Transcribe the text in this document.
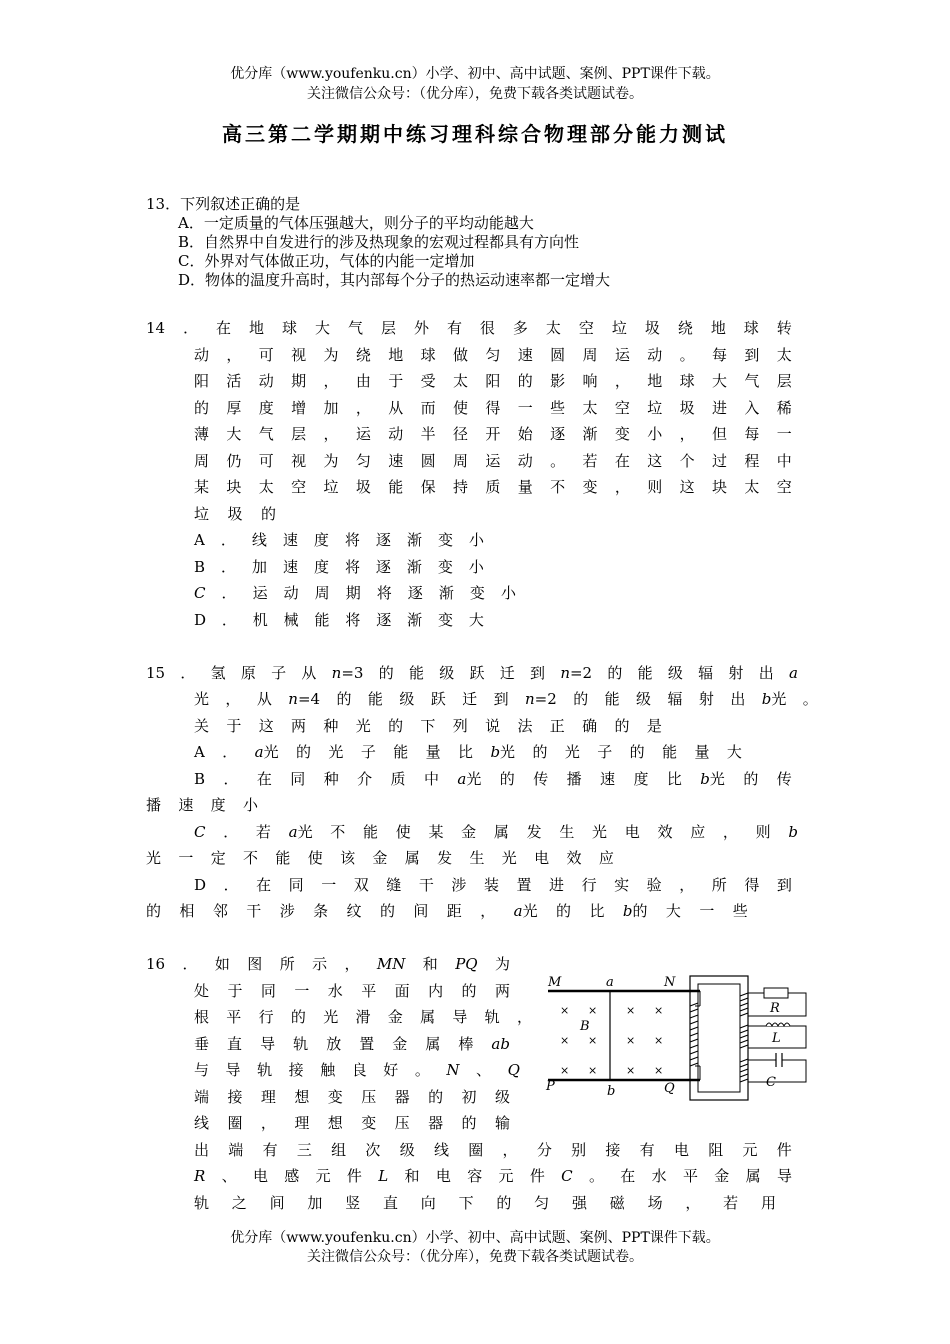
优分库（www.youfenku.cn）小学、初中、高中试题、案例、PPT课件下载。
关注微信公众号：（优分库），免费下载各类试题试卷。
高三第二学期期中练习理科综合物理部分能力测试
13．下列叙述正确的是
A．一定质量的气体压强越大，则分子的平均动能越大
B．自然界中自发进行的涉及热现象的宏观过程都具有方向性
C．外界对气体做正功，气体的内能一定增加
D．物体的温度升高时，其内部每个分子的热运动速率都一定增大
14 ． 在 地 球 大 气 层 外 有 很 多 太 空 垃 圾 绕 地 球 转
动 ， 可 视 为 绕 地 球 做 匀 速 圆 周 运 动 。 每 到 太
阳 活 动 期 ， 由 于 受 太 阳 的 影 响 ， 地 球 大 气 层
的 厚 度 增 加 ， 从 而 使 得 一 些 太 空 垃 圾 进 入 稀
薄 大 气 层 ， 运 动 半 径 开 始 逐 渐 变 小 ， 但 每 一
周 仍 可 视 为 匀 速 圆 周 运 动 。 若 在 这 个 过 程 中
某 块 太 空 垃 圾 能 保 持 质 量 不 变 ， 则 这 块 太 空
垃 圾 的
A ． 线 速 度 将 逐 渐 变 小
B ． 加 速 度 将 逐 渐 变 小
C ． 运 动 周 期 将 逐 渐 变 小
D ． 机 械 能 将 逐 渐 变 大
15 ． 氢 原 子 从 n=3 的 能 级 跃 迁 到 n=2 的 能 级 辐 射 出 a
光 ， 从 n=4 的 能 级 跃 迁 到 n=2 的 能 级 辐 射 出 b光 。
关 于 这 两 种 光 的 下 列 说 法 正 确 的 是
A ． a光 的 光 子 能 量 比 b光 的 光 子 的 能 量 大
B ． 在 同 种 介 质 中 a光 的 传 播 速 度 比 b光 的 传
播 速 度 小
C ． 若 a光 不 能 使 某 金 属 发 生 光 电 效 应 ， 则 b
光 一 定 不 能 使 该 金 属 发 生 光 电 效 应
D ． 在 同 一 双 缝 干 涉 装 置 进 行 实 验 ， 所 得 到
的 相 邻 干 涉 条 纹 的 间 距 ， a光 的 比 b的 大 一 些
16 ． 如 图 所 示 ， MN 和 PQ 为
处 于 同 一 水 平 面 内 的 两
根 平 行 的 光 滑 金 属 导 轨 ，
垂 直 导 轨 放 置 金 属 棒 ab
与 导 轨 接 触 良 好 。 N 、 Q
端 接 理 想 变 压 器 的 初 级
线 圈 ， 理 想 变 压 器 的 输
出 端 有 三 组 次 级 线 圈 ， 分 别 接 有 电 阻 元 件
R 、 电 感 元 件 L 和 电 容 元 件 C 。 在 水 平 金 属 导
轨 之 间 加 竖 直 向 下 的 匀 强 磁 场 ， 若 用
× ×	× ×
× ×	× ×
× ×	× ×
M	a	N
B
P	b	Q
R
L
C
优分库（www.youfenku.cn）小学、初中、高中试题、案例、PPT课件下载。
关注微信公众号：（优分库），免费下载各类试题试卷。
